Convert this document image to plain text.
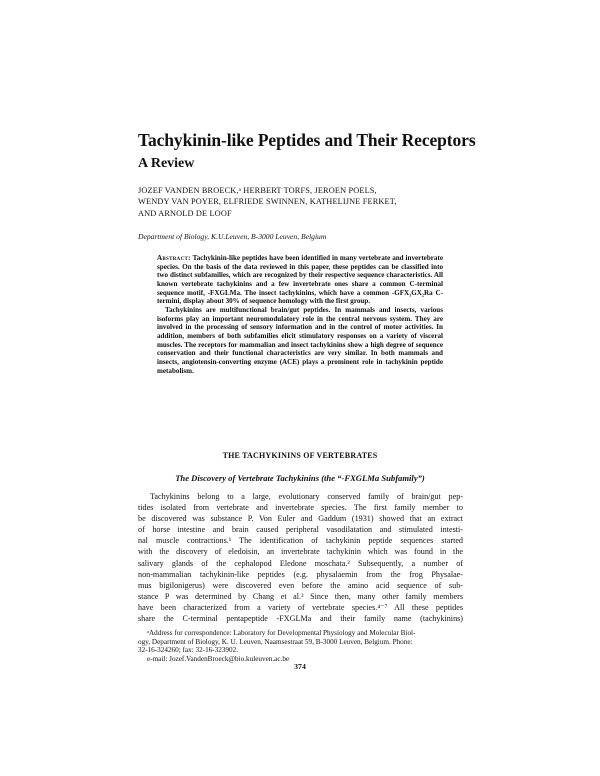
Tachykinin-like Peptides and Their Receptors
A Review
JOZEF VANDEN BROECK,ᵃ HERBERT TORFS, JEROEN POELS,
WENDY VAN POYER, ELFRIEDE SWINNEN, KATHELIJNE FERKET,
AND ARNOLD DE LOOF
Department of Biology, K.U.Leuven, B-3000 Leuven, Belgium

Abstract: Tachykinin-like peptides have been identified in many vertebrate and invertebrate species. On the basis of the data reviewed in this paper, these peptides can be classified into two distinct subfamilies, which are recognized by their respective sequence characteristics. All known vertebrate tachykinins and a few invertebrate ones share a common C-terminal sequence motif, -FXGLMa. The insect tachykinins, which have a common -GFX₁GX₂Ra C-termini, display about 30% of sequence homology with the first group.

Tachykinins are multifunctional brain/gut peptides. In mammals and insects, various isoforms play an important neuromodulatory role in the central nervous system. They are involved in the processing of sensory information and in the control of motor activities. In addition, members of both subfamilies elicit stimulatory responses on a variety of visceral muscles. The receptors for mammalian and insect tachykinins show a high degree of sequence conservation and their functional characteristics are very similar. In both mammals and insects, angiotensin-converting enzyme (ACE) plays a prominent role in tachykinin peptide metabolism.

THE TACHYKININS OF VERTEBRATES
The Discovery of Vertebrate Tachykinins (the “-FXGLMa Subfamily”)
Tachykinins belong to a large, evolutionary conserved family of brain/gut pep-
tides isolated from vertebrate and invertebrate species. The first family member to
be discovered was substance P. Von Euler and Gaddum (1931) showed that an extract
of horse intestine and brain caused peripheral vasodilatation and stimulated intesti-
nal muscle contractions.¹ The identification of tachykinin peptide sequences started
with the discovery of eledoisin, an invertebrate tachykinin which was found in the
salivary glands of the cephalopod Eledone moschata.² Subsequently, a number of
non-mammalian tachykinin-like peptides (e.g. physalaemin from the frog Physalae-
mus bigilonigerus) were discovered even before the amino acid sequence of sub-
stance P was determined by Chang et al.³ Since then, many other family members
have been characterized from a variety of vertebrate species.⁴⁻⁷ All these peptides
share the C-terminal pentapeptide -FXGLMa and their family name (tachykinins)
ᵃAddress for correspondence: Laboratory for Developmental Physiology and Molecular Biol-
ogy, Department of Biology, K. U. Leuven, Naamsestraat 59, B-3000 Leuven, Belgium. Phone:
32-16-324260; fax: 32-16-323902.
e-mail: Jozef.VandenBroeck@bio.kuleuven.ac.be
374
